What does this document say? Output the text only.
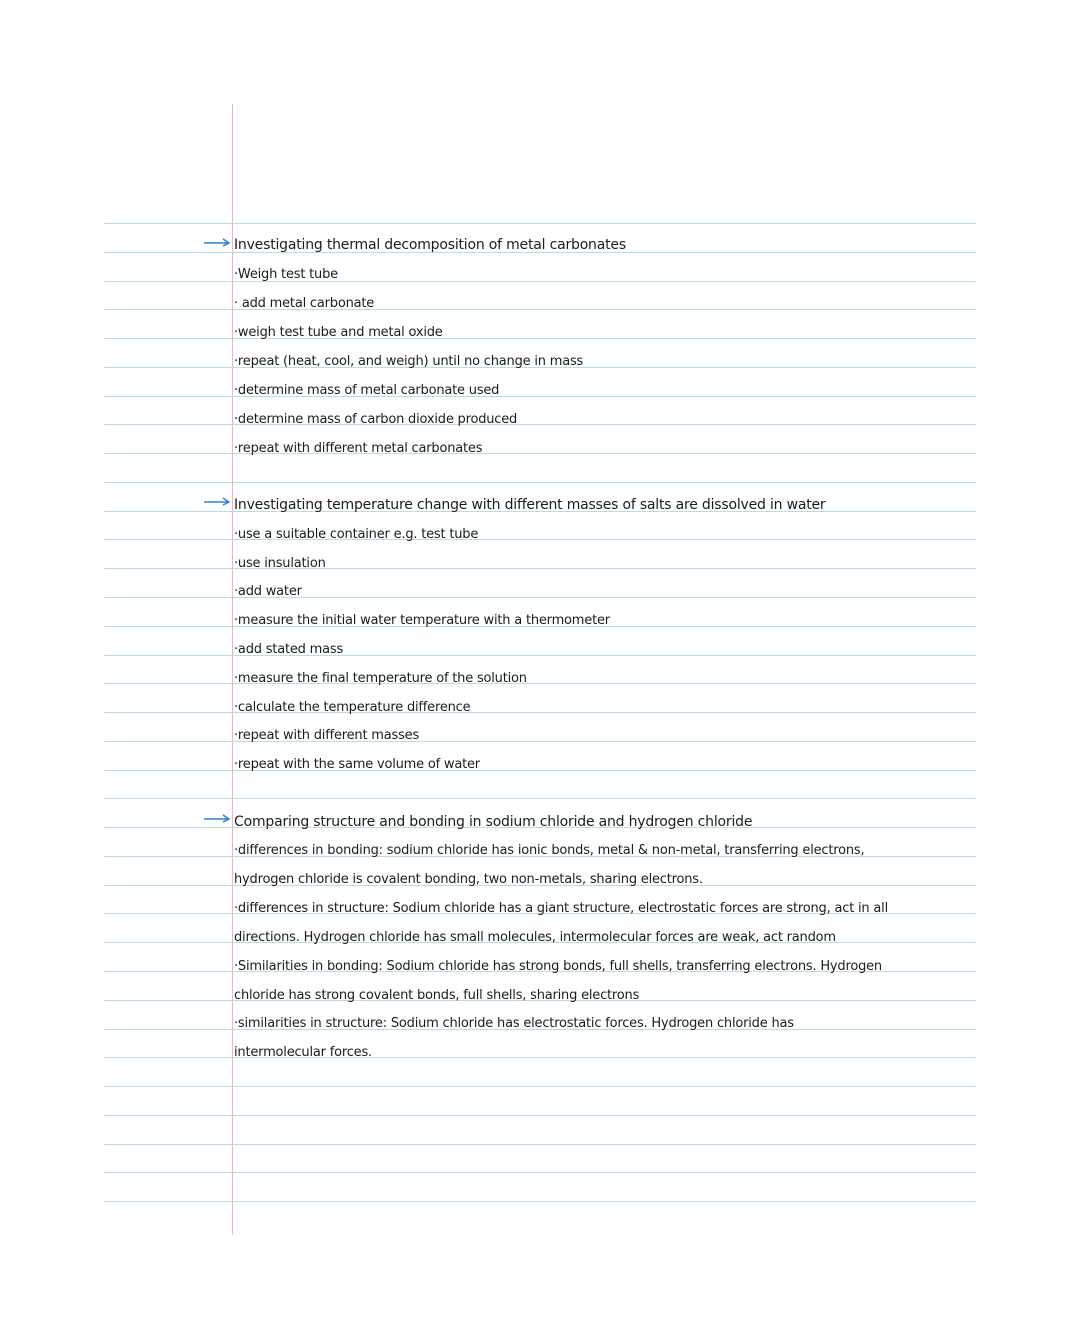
Investigating thermal decomposition of metal carbonates
·Weigh test tube
· add metal carbonate
·weigh test tube and metal oxide
·repeat (heat, cool, and weigh) until no change in mass
·determine mass of metal carbonate used
·determine mass of carbon dioxide produced
·repeat with different metal carbonates
Investigating temperature change with different masses of salts are dissolved in water
·use a suitable container e.g. test tube
·use insulation
·add water
·measure the initial water temperature with a thermometer
·add stated mass
·measure the final temperature of the solution
·calculate the temperature difference
·repeat with different masses
·repeat with the same volume of water
Comparing structure and bonding in sodium chloride and hydrogen chloride
·differences in bonding: sodium chloride has ionic bonds, metal & non-metal, transferring electrons,
hydrogen chloride is covalent bonding, two non-metals, sharing electrons.
·differences in structure: Sodium chloride has a giant structure, electrostatic forces are strong, act in all
directions. Hydrogen chloride has small molecules, intermolecular forces are weak, act random
·Similarities in bonding: Sodium chloride has strong bonds, full shells, transferring electrons. Hydrogen
chloride has strong covalent bonds, full shells, sharing electrons
·similarities in structure: Sodium chloride has electrostatic forces. Hydrogen chloride has
intermolecular forces.
